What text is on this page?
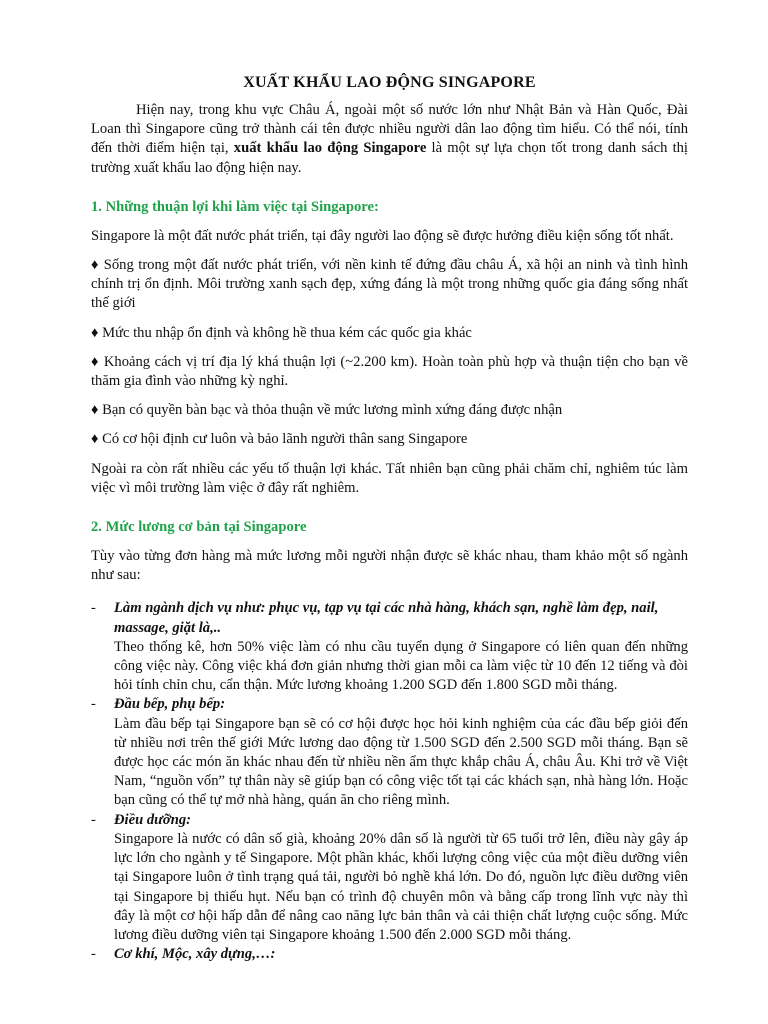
XUẤT KHẨU LAO ĐỘNG SINGAPORE

Hiện nay, trong khu vực Châu Á, ngoài một số nước lớn như Nhật Bản và Hàn Quốc, Đài Loan thì Singapore cũng trở thành cái tên được nhiều người dân lao động tìm hiểu. Có thể nói, tính đến thời điểm hiện tại, xuất khẩu lao động Singapore là một sự lựa chọn tốt trong danh sách thị trường xuất khẩu lao động hiện nay.

1. Những thuận lợi khi làm việc tại Singapore:

Singapore là một đất nước phát triển, tại đây người lao động sẽ được hưởng điều kiện sống tốt nhất.

♦ Sống trong một đất nước phát triển, với nền kinh tế đứng đầu châu Á, xã hội an ninh và tình hình chính trị ổn định. Môi trường xanh sạch đẹp, xứng đáng là một trong những quốc gia đáng sống nhất thế giới

♦ Mức thu nhập ổn định và không hề thua kém các quốc gia khác

♦ Khoảng cách vị trí địa lý khá thuận lợi (~2.200 km). Hoàn toàn phù hợp và thuận tiện cho bạn về thăm gia đình vào những kỳ nghỉ.

♦ Bạn có quyền bàn bạc và thỏa thuận về mức lương mình xứng đáng được nhận

♦ Có cơ hội định cư luôn và bảo lãnh người thân sang Singapore

Ngoài ra còn rất nhiều các yếu tố thuận lợi khác. Tất nhiên bạn cũng phải chăm chỉ, nghiêm túc làm việc vì môi trường làm việc ở đây rất nghiêm.

2. Mức lương cơ bản tại Singapore

Tùy vào từng đơn hàng mà mức lương mỗi người nhận được sẽ khác nhau, tham khảo một số ngành như sau:

- Làm ngành dịch vụ như: phục vụ, tạp vụ tại các nhà hàng, khách sạn, nghề làm đẹp, nail, massage, giặt là,..

Theo thống kê, hơn 50% việc làm có nhu cầu tuyển dụng ở Singapore có liên quan đến những công việc này. Công việc khá đơn giản nhưng thời gian mỗi ca làm việc từ 10 đến 12 tiếng và đòi hỏi tính chỉn chu, cẩn thận. Mức lương khoảng 1.200 SGD đến 1.800 SGD mỗi tháng.

- Đầu bếp, phụ bếp:

Làm đầu bếp tại Singapore bạn sẽ có cơ hội được học hỏi kinh nghiệm của các đầu bếp giỏi đến từ nhiều nơi trên thế giới Mức lương dao động từ 1.500 SGD đến 2.500 SGD mỗi tháng. Bạn sẽ được học các món ăn khác nhau đến từ nhiều nền ẩm thực khắp châu Á, châu Âu. Khi trở về Việt Nam, “nguồn vốn” tự thân này sẽ giúp bạn có công việc tốt tại các khách sạn, nhà hàng lớn. Hoặc bạn cũng có thể tự mở nhà hàng, quán ăn cho riêng mình.

- Điều dưỡng:

Singapore là nước có dân số già, khoảng 20% dân số là người từ 65 tuổi trở lên, điều này gây áp lực lớn cho ngành y tế Singapore. Một phần khác, khối lượng công việc của một điều dưỡng viên tại Singapore luôn ở tình trạng quá tải, người bỏ nghề khá lớn. Do đó, nguồn lực điều dưỡng viên tại Singapore bị thiếu hụt. Nếu bạn có trình độ chuyên môn và bằng cấp trong lĩnh vực này thì đây là một cơ hội hấp dẫn để nâng cao năng lực bản thân và cải thiện chất lượng cuộc sống. Mức lương điều dưỡng viên tại Singapore khoảng 1.500 đến 2.000 SGD mỗi tháng.

- Cơ khí, Mộc, xây dựng,…:
